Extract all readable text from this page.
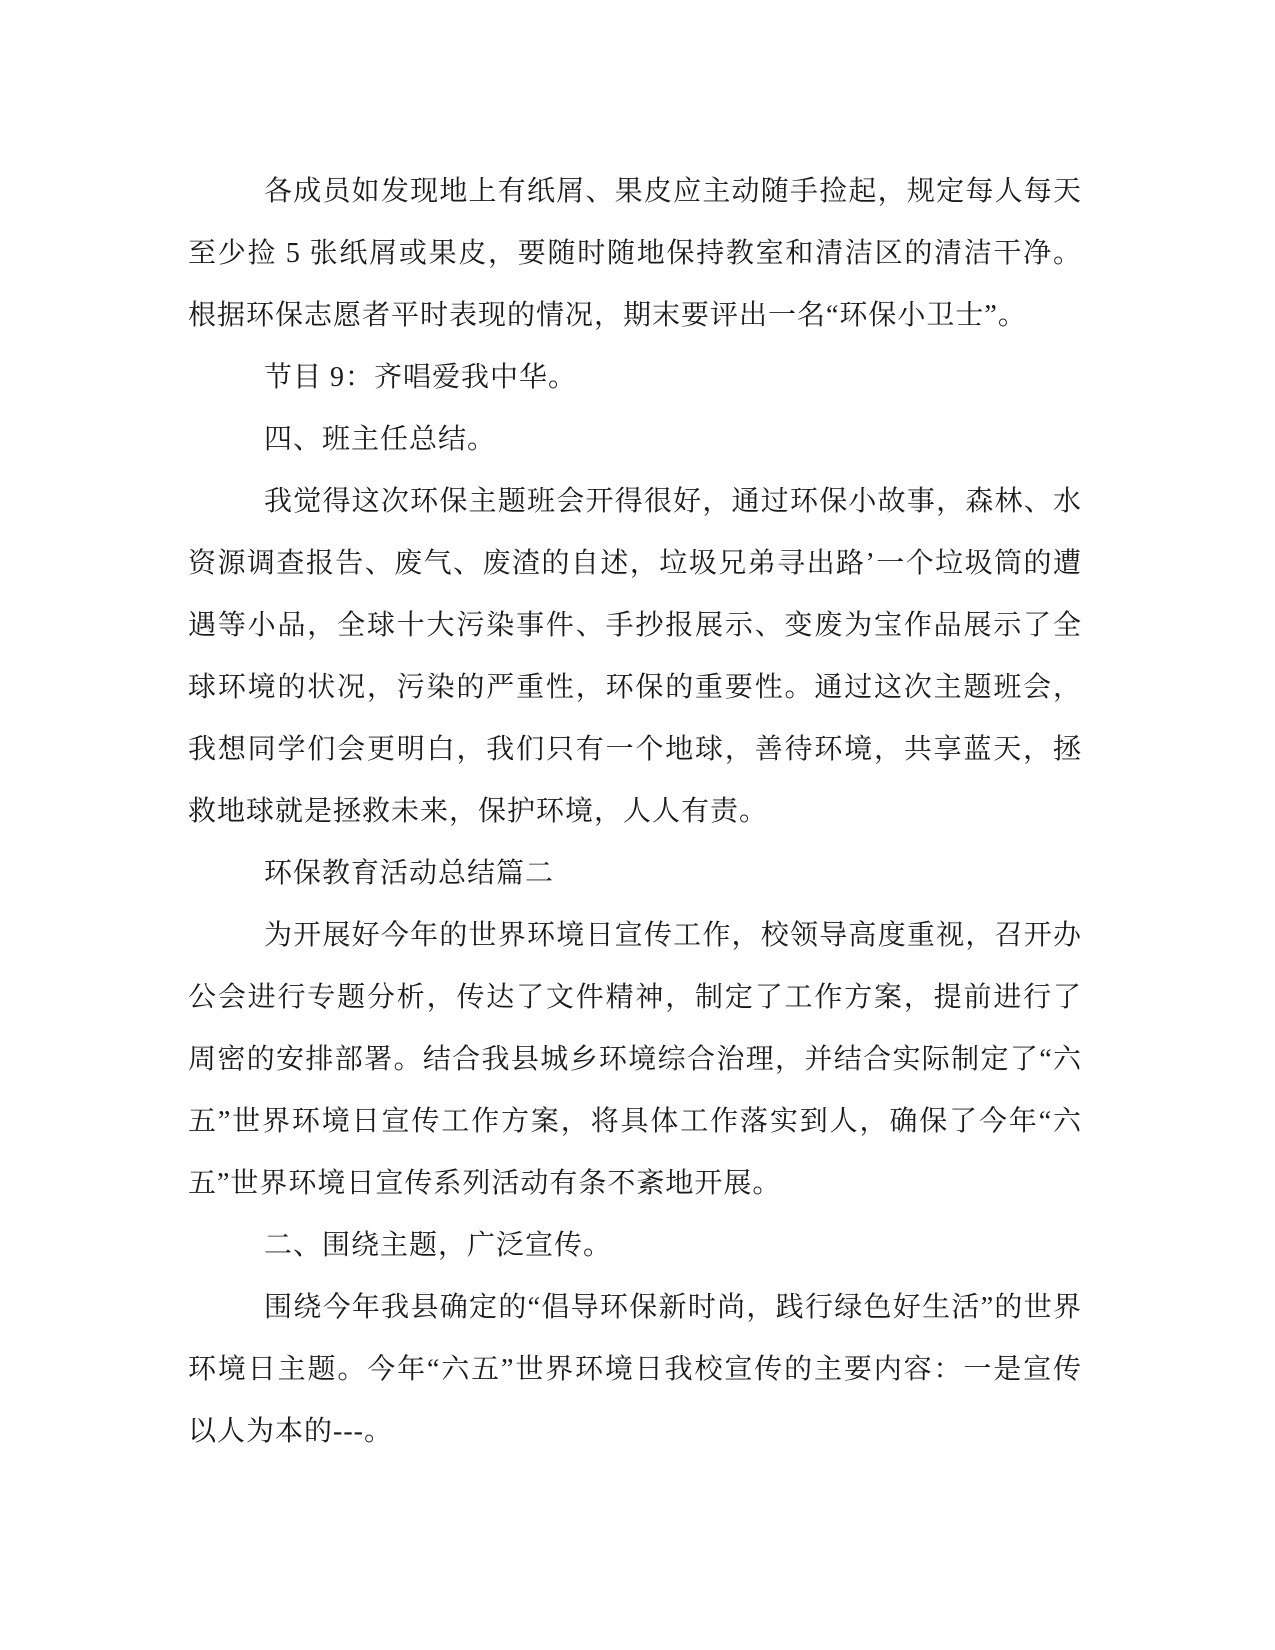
各成员如发现地上有纸屑、果皮应主动随手捡起，规定每人每天
至少捡 5 张纸屑或果皮，要随时随地保持教室和清洁区的清洁干净。
根据环保志愿者平时表现的情况，期末要评出一名“环保小卫士”。
节目 9：齐唱爱我中华。
四、班主任总结。
我觉得这次环保主题班会开得很好，通过环保小故事，森林、水
资源调查报告、废气、废渣的自述，垃圾兄弟寻出路’一个垃圾筒的遭
遇等小品，全球十大污染事件、手抄报展示、变废为宝作品展示了全
球环境的状况，污染的严重性，环保的重要性。通过这次主题班会，
我想同学们会更明白，我们只有一个地球，善待环境，共享蓝天，拯
救地球就是拯救未来，保护环境，人人有责。
环保教育活动总结篇二
为开展好今年的世界环境日宣传工作，校领导高度重视，召开办
公会进行专题分析，传达了文件精神，制定了工作方案，提前进行了
周密的安排部署。结合我县城乡环境综合治理，并结合实际制定了“六
五”世界环境日宣传工作方案，将具体工作落实到人，确保了今年“六
五”世界环境日宣传系列活动有条不紊地开展。
二、围绕主题，广泛宣传。
围绕今年我县确定的“倡导环保新时尚，践行绿色好生活”的世界
环境日主题。今年“六五”世界环境日我校宣传的主要内容：一是宣传
以人为本的---。
